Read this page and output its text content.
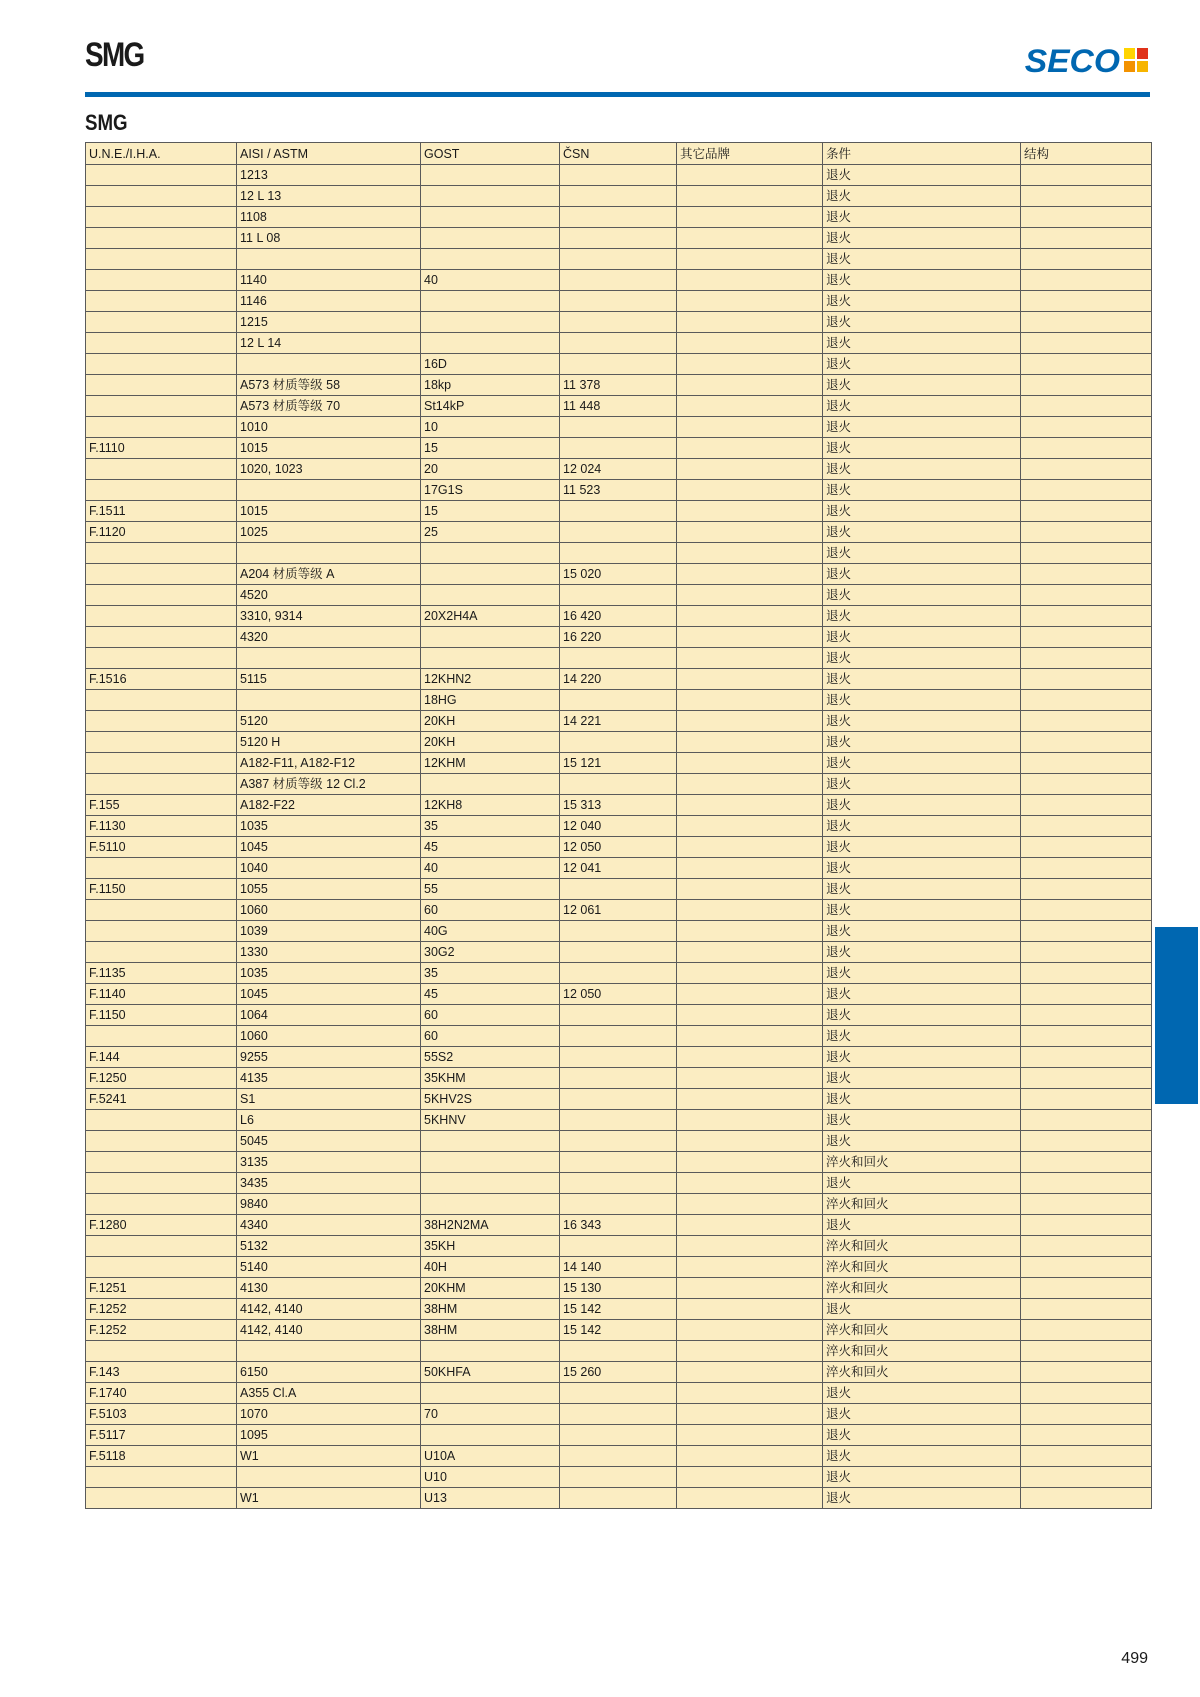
SMG	SECO
SMG
U.N.E./I.H.A.	AISI / ASTM	GOST	ČSN	其它品牌	条件	结构
	1213				退火	
	12 L 13				退火	
	1108				退火	
	11 L 08				退火	
					退火	
	1140	40			退火	
	1146				退火	
	1215				退火	
	12 L 14				退火	
		16D			退火	
	A573 材质等级 58	18kp	11 378		退火	
	A573 材质等级 70	St14kP	11 448		退火	
	1010	10			退火	
F.1110	1015	15			退火	
	1020, 1023	20	12 024		退火	
		17G1S	11 523		退火	
F.1511	1015	15			退火	
F.1120	1025	25			退火	
					退火	
	A204 材质等级 A		15 020		退火	
	4520				退火	
	3310, 9314	20X2H4A	16 420		退火	
	4320		16 220		退火	
					退火	
F.1516	5115	12KHN2	14 220		退火	
		18HG			退火	
	5120	20KH	14 221		退火	
	5120 H	20KH			退火	
	A182-F11, A182-F12	12KHM	15 121		退火	
	A387 材质等级 12 Cl.2				退火	
F.155	A182-F22	12KH8	15 313		退火	
F.1130	1035	35	12 040		退火	
F.5110	1045	45	12 050		退火	
	1040	40	12 041		退火	
F.1150	1055	55			退火	
	1060	60	12 061		退火	
	1039	40G			退火	
	1330	30G2			退火	
F.1135	1035	35			退火	
F.1140	1045	45	12 050		退火	
F.1150	1064	60			退火	
	1060	60			退火	
F.144	9255	55S2			退火	
F.1250	4135	35KHM			退火	
F.5241	S1	5KHV2S			退火	
	L6	5KHNV			退火	
	5045				退火	
	3135				淬火和回火	
	3435				退火	
	9840				淬火和回火	
F.1280	4340	38H2N2MA	16 343		退火	
	5132	35KH			淬火和回火	
	5140	40H	14 140		淬火和回火	
F.1251	4130	20KHM	15 130		淬火和回火	
F.1252	4142, 4140	38HM	15 142		退火	
F.1252	4142, 4140	38HM	15 142		淬火和回火	
					淬火和回火	
F.143	6150	50KHFA	15 260		淬火和回火	
F.1740	A355 Cl.A				退火	
F.5103	1070	70			退火	
F.5117	1095				退火	
F.5118	W1	U10A			退火	
		U10			退火	
	W1	U13			退火	
499
